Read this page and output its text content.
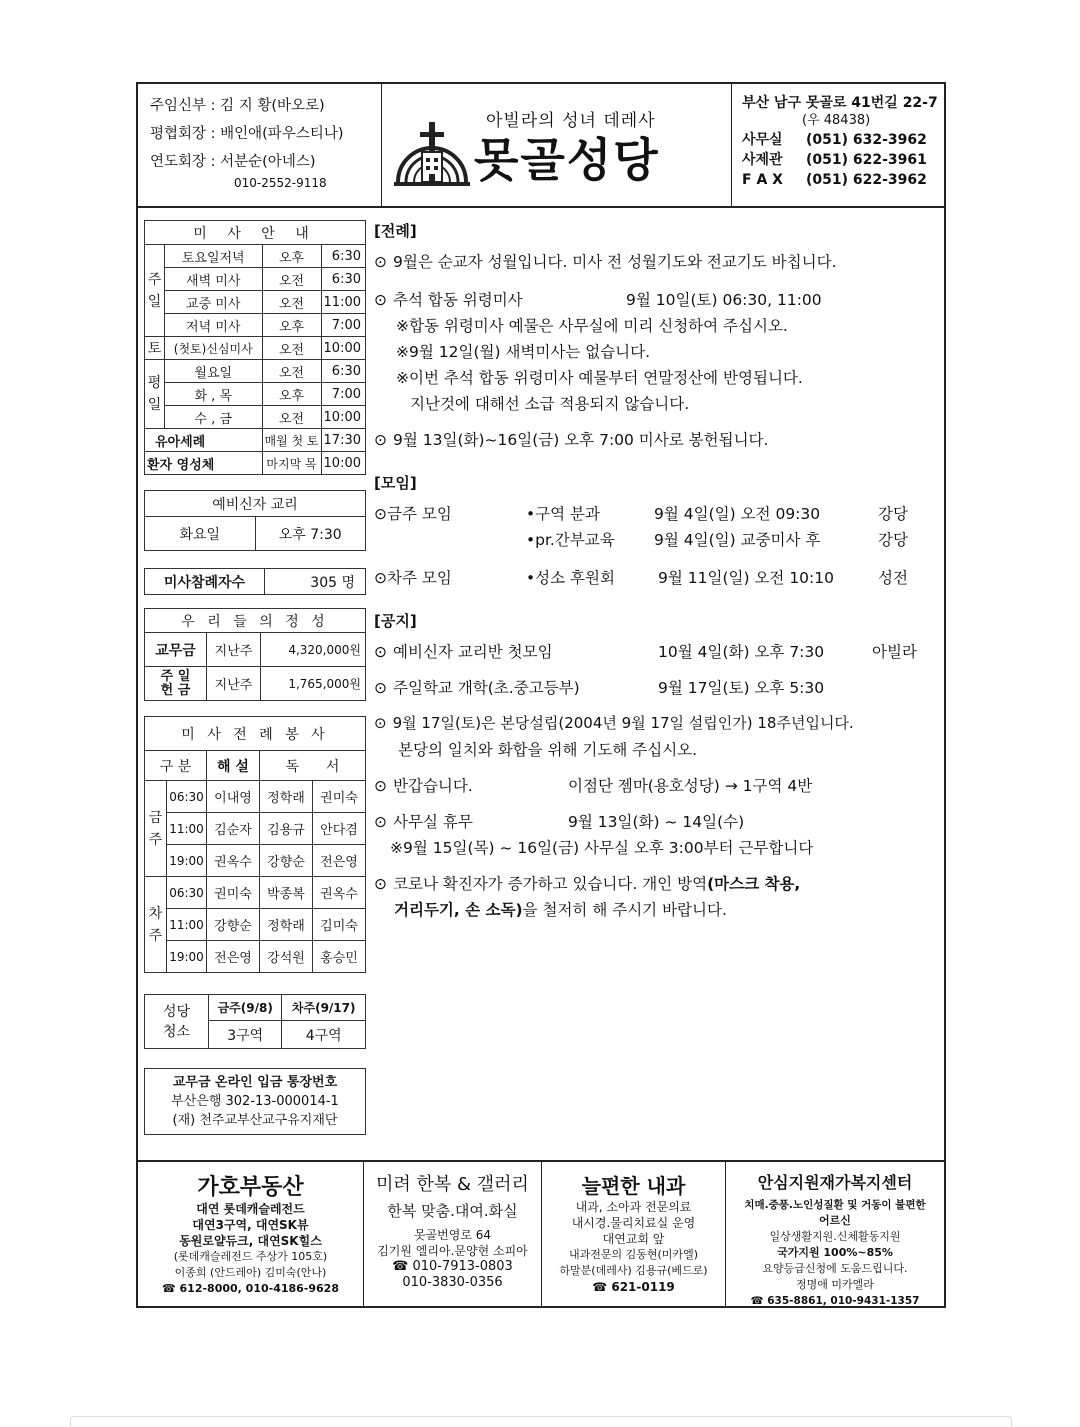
주임신부 : 김 지 황(바오로)
평협회장 : 배인애(파우스티나)
연도회장 : 서분순(아네스)
010-2552-9118
아빌라의 성녀 데레사
못골성당
부산 남구 못골로 41번길 22-7
(우 48438)
사무실	(051) 632-3962
사제관	(051) 622-3961
F A X	(051) 622-3962
미 사 안 내			
주일	토요일저녁	오후	6:30
	새벽 미사	오전	6:30
	교중 미사	오전	11:00
	저녁 미사	오후	7:00
토	(첫토)신심미사	오전	10:00
평일	월요일	오전	6:30
	화 , 목	오후	7:00
	수 , 금	오전	10:00
유아세례		매월 첫 토	17:30
환자 영성체		마지막 목	10:00
예비신자 교리
화요일	오후 7:30
미사참례자수	305 명
우 리 들 의 정 성		
교무금	지난주	4,320,000원
주 일 헌 금	지난주	1,765,000원
미 사 전 례 봉 사				
구 분		해 설	독 서	
금주	06:30	이내영	정학래	권미숙
	11:00	김순자	김용규	안다겸
	19:00	권옥수	강향순	전은영
차주	06:30	권미숙	박종복	권옥수
	11:00	강향순	정학래	김미숙
	19:00	전은영	강석원	홍승민
성당 청소	금주(9/8)	차주(9/17)
	3구역	4구역
교무금 온라인 입금 통장번호
부산은행 302-13-000014-1
(재) 천주교부산교구유지재단
[전례]
⊙ 9월은 순교자 성월입니다. 미사 전 성월기도와 전교기도 바칩니다.
⊙ 추석 합동 위령미사	9월 10일(토) 06:30, 11:00
※합동 위령미사 예물은 사무실에 미리 신청하여 주십시오.
※9월 12일(월) 새벽미사는 없습니다.
※이번 추석 합동 위령미사 예물부터 연말정산에 반영됩니다.
지난것에 대해선 소급 적용되지 않습니다.
⊙ 9월 13일(화)~16일(금) 오후 7:00 미사로 봉헌됩니다.
[모임]
⊙금주 모임	•구역 분과	9월 4일(일) 오전 09:30	강당
•pr.간부교육	9월 4일(일) 교중미사 후	강당
⊙차주 모임	•성소 후원회	9월 11일(일) 오전 10:10	성전
[공지]
⊙ 예비신자 교리반 첫모임	10월 4일(화) 오후 7:30	아빌라
⊙ 주일학교 개학(초.중고등부)	9월 17일(토) 오후 5:30
⊙ 9월 17일(토)은 본당설립(2004년 9월 17일 설립인가) 18주년입니다.
본당의 일치와 화합을 위해 기도해 주십시오.
⊙ 반갑습니다.	이점단 젬마(용호성당) → 1구역 4반
⊙ 사무실 휴무	9월 13일(화) ~ 14일(수)
※9월 15일(목) ~ 16일(금) 사무실 오후 3:00부터 근무합니다
⊙ 코로나 확진자가 증가하고 있습니다. 개인 방역(마스크 착용,
거리두기, 손 소독)을 철저히 해 주시기 바랍니다.
가호부동산
대연 롯데캐슬레전드
대연3구역, 대연SK뷰
동원로얄듀크, 대연SK힐스
(롯데캐슬레전드 주상가 105호)
이종희 (안드레아) 김미숙(안나)
☎ 612-8000, 010-4186-9628
미려 한복 & 갤러리
한복 맞춤.대여.화실
못골번영로 64
김기원 엘리아.문양현 소피아
☎ 010-7913-0803
010-3830-0356
늘편한 내과
내과, 소아과 전문의료
내시경.물리치료실 운영
대연교회 앞
내과전문의 김동현(미카엘)
하말분(데레사) 김용규(베드로)
☎ 621-0119
안심지원재가복지센터
치매.중풍.노인성질환 및 거동이 불편한
어르신
일상생활지원.신체활동지원
국가지원 100%~85%
요양등급신청에 도움드립니다.
정명애 미카엘라
☎ 635-8861, 010-9431-1357
